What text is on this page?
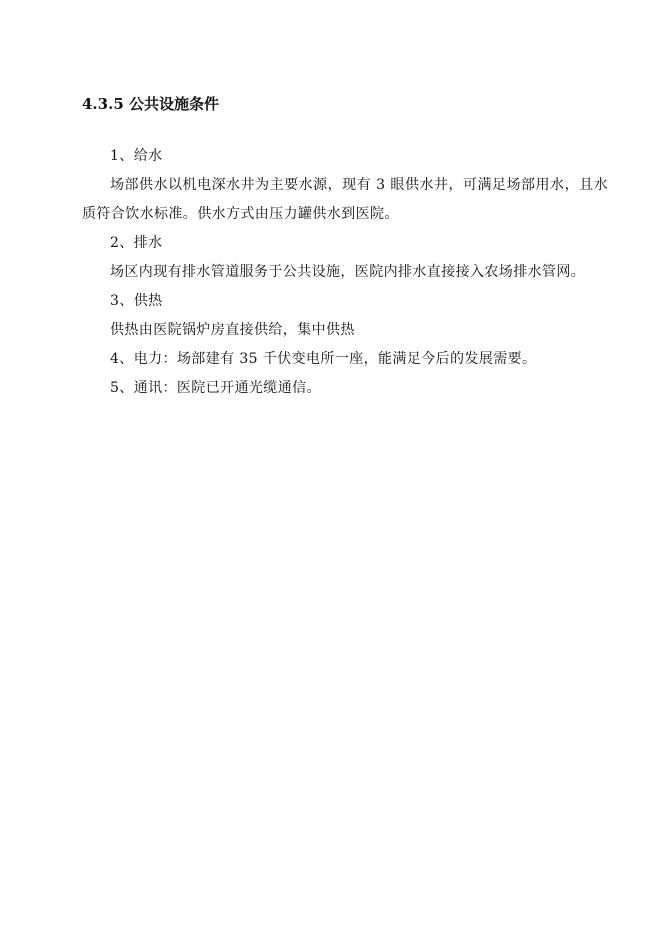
4.3.5 公共设施条件

1、给水

场部供水以机电深水井为主要水源，现有 3 眼供水井，可满足场部用水，且水质符合饮水标准。供水方式由压力罐供水到医院。

2、排水

场区内现有排水管道服务于公共设施，医院内排水直接接入农场排水管网。

3、供热

供热由医院锅炉房直接供给，集中供热

4、电力：场部建有 35 千伏变电所一座，能满足今后的发展需要。

5、通讯：医院已开通光缆通信。
